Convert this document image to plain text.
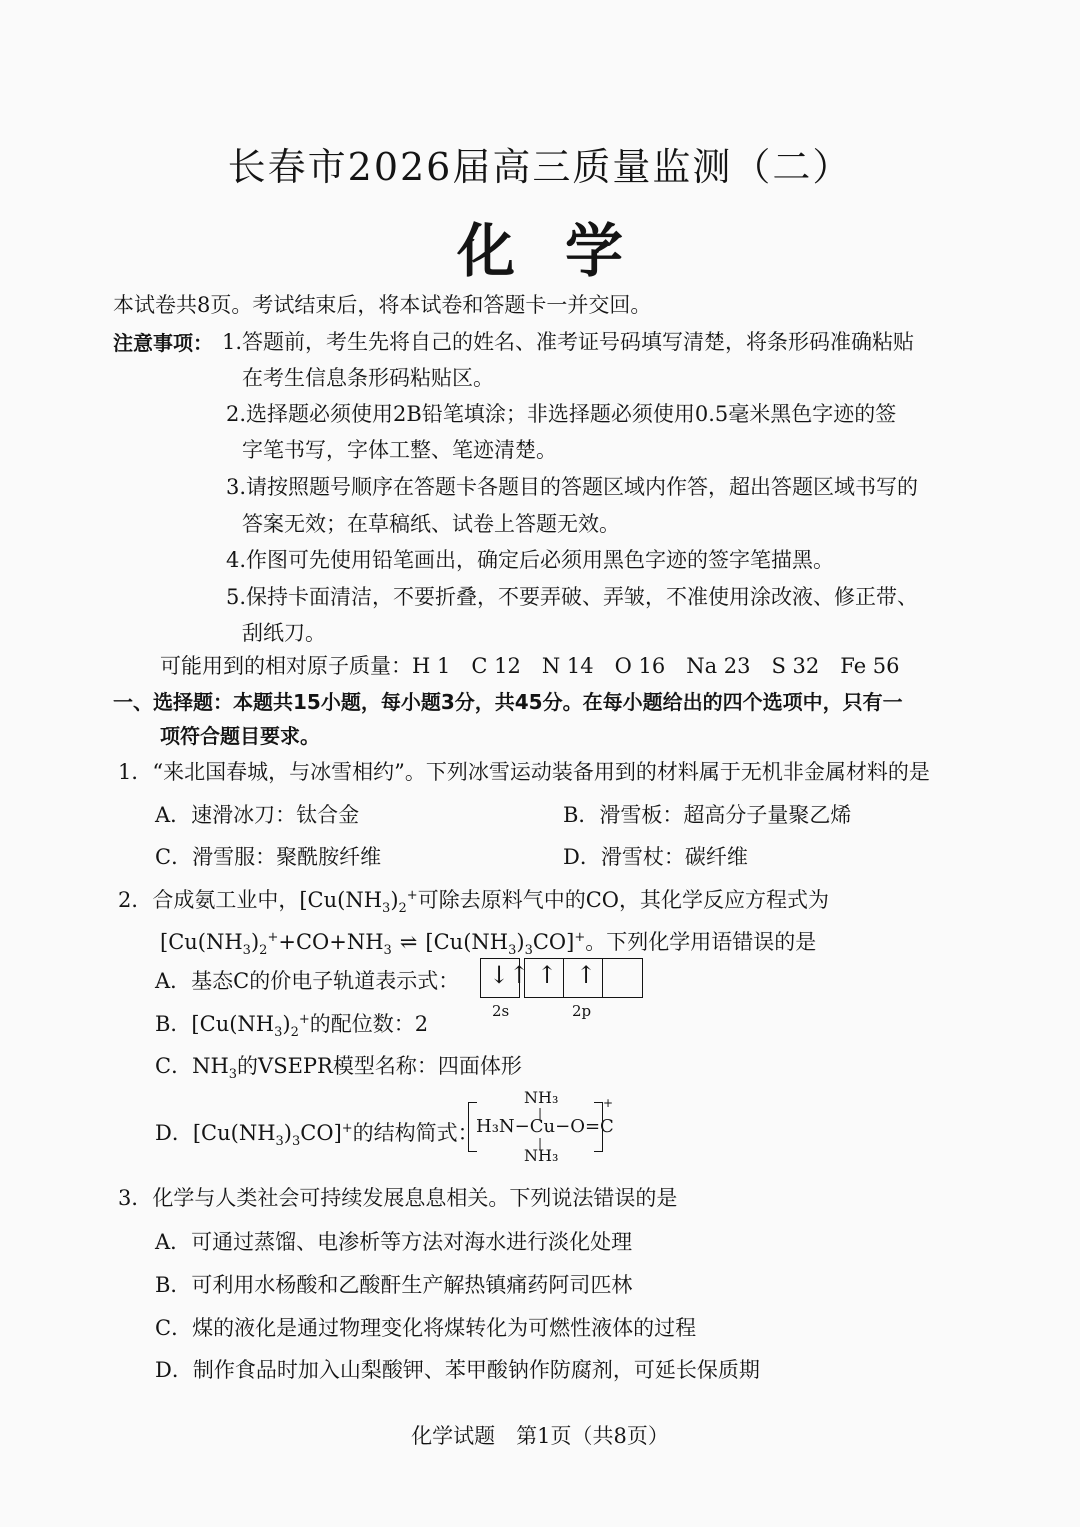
长春市2026届高三质量监测（二）
化学
本试卷共8页。考试结束后，将本试卷和答题卡一并交回。
注意事项： 1.答题前，考生先将自己的姓名、准考证号码填写清楚，将条形码准确粘贴
在考生信息条形码粘贴区。
2.选择题必须使用2B铅笔填涂；非选择题必须使用0.5毫米黑色字迹的签
字笔书写，字体工整、笔迹清楚。
3.请按照题号顺序在答题卡各题目的答题区域内作答，超出答题区域书写的
答案无效；在草稿纸、试卷上答题无效。
4.作图可先使用铅笔画出，确定后必须用黑色字迹的签字笔描黑。
5.保持卡面清洁，不要折叠，不要弄破、弄皱，不准使用涂改液、修正带、
刮纸刀。
可能用到的相对原子质量：H 1　C 12　N 14　O 16　Na 23　S 32　Fe 56
一、选择题：本题共15小题，每小题3分，共45分。在每小题给出的四个选项中，只有一
项符合题目要求。
1．“来北国春城，与冰雪相约”。下列冰雪运动装备用到的材料属于无机非金属材料的是
A．速滑冰刀：钛合金	B．滑雪板：超高分子量聚乙烯
C．滑雪服：聚酰胺纤维	D．滑雪杖：碳纤维
2．合成氨工业中，[$Cu(NH_3)_2^+$可除去原料气中的CO，其化学反应方程式为
[$Cu(NH_3)_2^++CO+NH_3$ ⇌ $[Cu(NH_3)_3CO]^+$。下列化学用语错误的是
A．基态C的价电子轨道表示式： ↓↑ ↑ ↑
2s	2p
B．[$Cu(NH_3)_2^+$的配位数：2
C．$NH_3$的VSEPR模型名称：四面体形
D．$[Cu(NH_3)_3CO]^+$的结构简式：
+
NH₃
|
H₃N−Cu−O=C
|
NH₃
3．化学与人类社会可持续发展息息相关。下列说法错误的是
A．可通过蒸馏、电渗析等方法对海水进行淡化处理
B．可利用水杨酸和乙酸酐生产解热镇痛药阿司匹林
C．煤的液化是通过物理变化将煤转化为可燃性液体的过程
D．制作食品时加入山梨酸钾、苯甲酸钠作防腐剂，可延长保质期
化学试题　第1页（共8页）
